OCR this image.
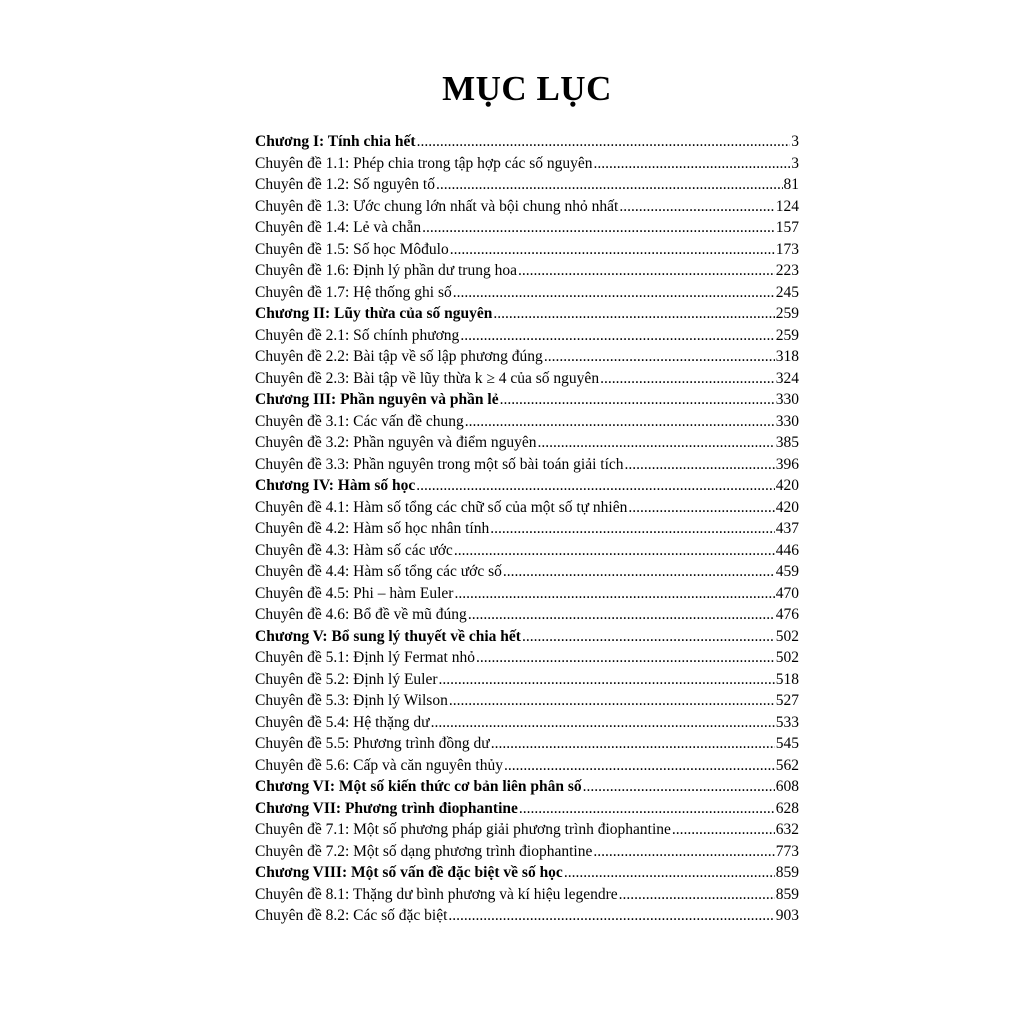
MỤC LỤC
Chương I: Tính chia hết .....	3
Chuyên đề 1.1: Phép chia trong tập hợp các số nguyên .....	3
Chuyên đề 1.2: Số nguyên tố .....	81
Chuyên đề 1.3: Ước chung lớn nhất và bội chung nhỏ nhất .....	124
Chuyên đề 1.4: Lẻ và chẵn .....	157
Chuyên đề 1.5: Số học Môđulo .....	173
Chuyên đề 1.6: Định lý phần dư trung hoa .....	223
Chuyên đề 1.7: Hệ thống ghi số .....	245
Chương II: Lũy thừa của số nguyên .....	259
Chuyên đề 2.1: Số chính phương .....	259
Chuyên đề 2.2: Bài tập về số lập phương đúng .....	318
Chuyên đề 2.3: Bài tập về lũy thừa k ≥ 4 của số nguyên .....	324
Chương III: Phần nguyên và phần lẻ .....	330
Chuyên đề 3.1: Các vấn đề chung .....	330
Chuyên đề 3.2: Phần nguyên và điểm nguyên .....	385
Chuyên đề 3.3: Phần nguyên trong một số bài toán giải tích .....	396
Chương IV: Hàm số học .....	420
Chuyên đề 4.1: Hàm số tổng các chữ số của một số tự nhiên .....	420
Chuyên đề 4.2: Hàm số học nhân tính .....	437
Chuyên đề 4.3: Hàm số các ước .....	446
Chuyên đề 4.4: Hàm số tổng các ước số .....	459
Chuyên đề 4.5: Phi – hàm Euler .....	470
Chuyên đề 4.6: Bổ đề về mũ đúng .....	476
Chương V: Bổ sung lý thuyết về chia hết .....	502
Chuyên đề 5.1: Định lý Fermat nhỏ .....	502
Chuyên đề 5.2: Định lý Euler .....	518
Chuyên đề 5.3: Định lý Wilson .....	527
Chuyên đề 5.4: Hệ thặng dư .....	533
Chuyên đề 5.5: Phương trình đồng dư .....	545
Chuyên đề 5.6: Cấp và căn nguyên thủy .....	562
Chương VI: Một số kiến thức cơ bản liên phân số .....	608
Chương VII: Phương trình điophantine .....	628
Chuyên đề 7.1: Một số phương pháp giải phương trình điophantine .....	632
Chuyên đề 7.2: Một số dạng phương trình điophantine .....	773
Chương VIII: Một số vấn đề đặc biệt về số học .....	859
Chuyên đề 8.1: Thặng dư bình phương và kí hiệu legendre .....	859
Chuyên đề 8.2: Các số đặc biệt .....	903
